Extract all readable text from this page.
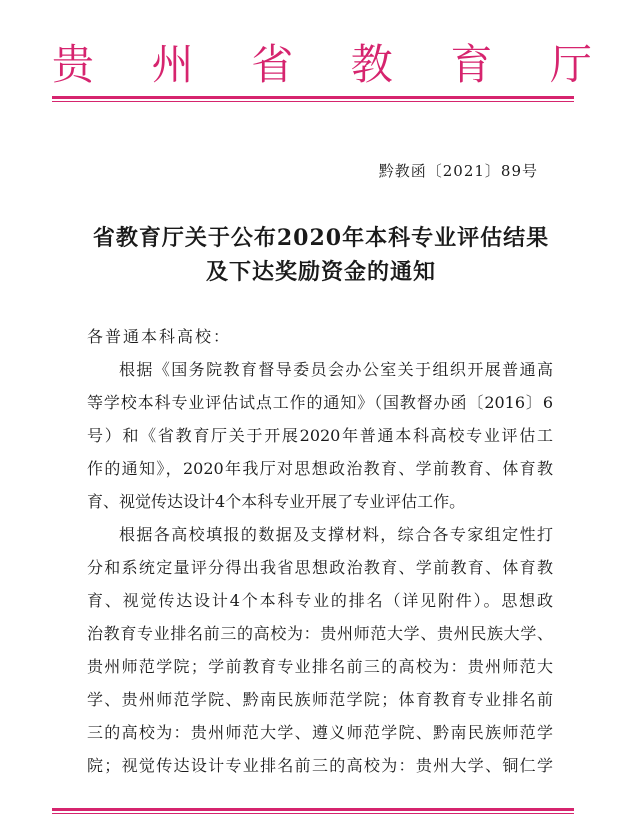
贵 州 省 教 育 厅
黔教函〔2021〕89号
省教育厅关于公布2020年本科专业评估结果
及下达奖励资金的通知
各普通本科高校：
根据《国务院教育督导委员会办公室关于组织开展普通高
等学校本科专业评估试点工作的通知》（国教督办函〔2016〕6
号）和《省教育厅关于开展2020年普通本科高校专业评估工
作的通知》，2020年我厅对思想政治教育、学前教育、体育教
育、视觉传达设计4个本科专业开展了专业评估工作。
根据各高校填报的数据及支撑材料，综合各专家组定性打
分和系统定量评分得出我省思想政治教育、学前教育、体育教
育、视觉传达设计4个本科专业的排名（详见附件）。思想政
治教育专业排名前三的高校为：贵州师范大学、贵州民族大学、
贵州师范学院；学前教育专业排名前三的高校为：贵州师范大
学、贵州师范学院、黔南民族师范学院；体育教育专业排名前
三的高校为：贵州师范大学、遵义师范学院、黔南民族师范学
院；视觉传达设计专业排名前三的高校为：贵州大学、铜仁学
